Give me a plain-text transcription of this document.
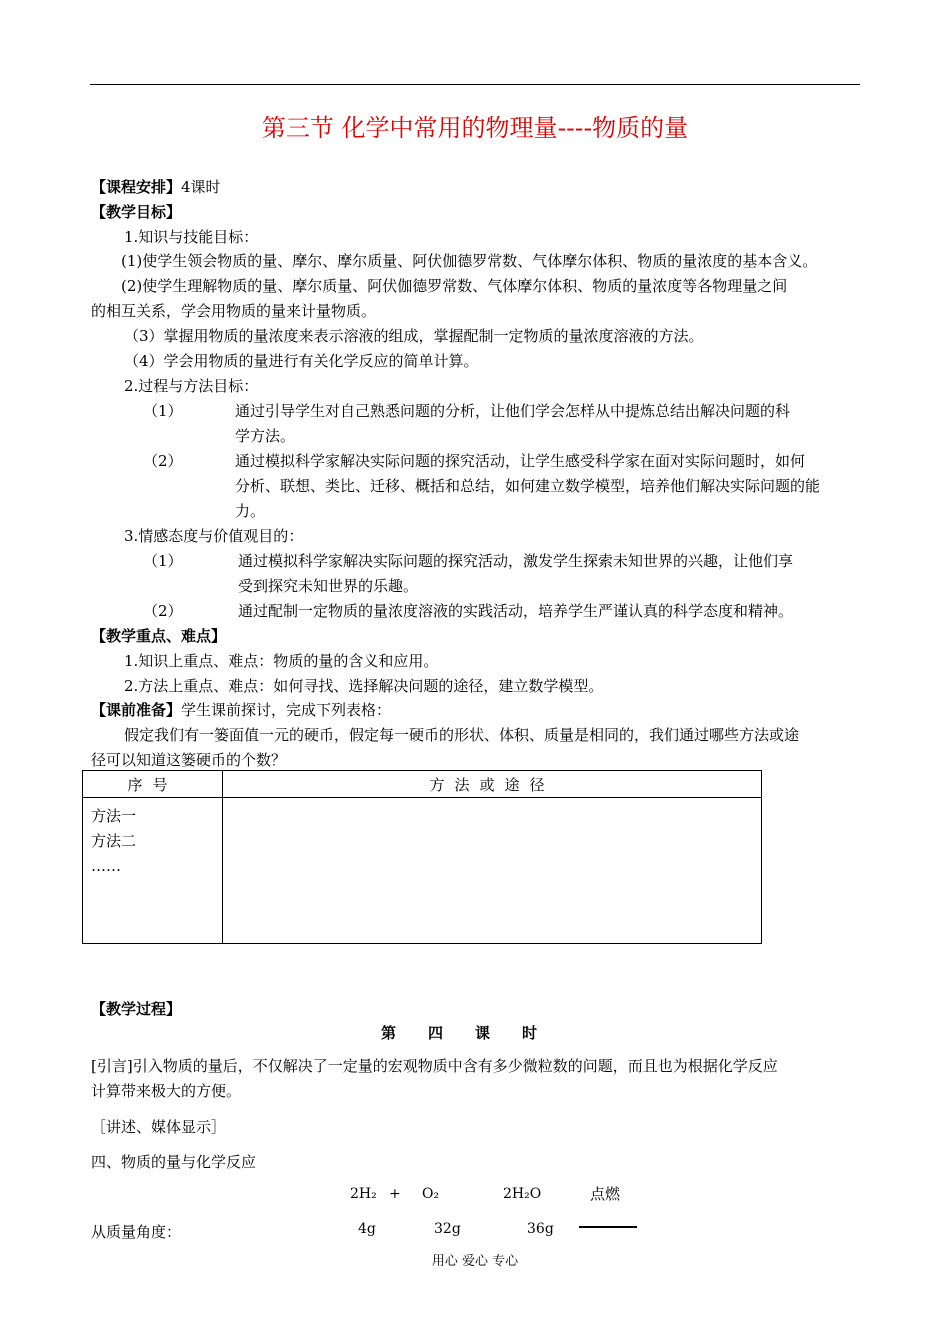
第三节 化学中常用的物理量----物质的量
【课程安排】4课时
【教学目标】
1.知识与技能目标：
(1)使学生领会物质的量、摩尔、摩尔质量、阿伏伽德罗常数、气体摩尔体积、物质的量浓度的基本含义。
(2)使学生理解物质的量、摩尔质量、阿伏伽德罗常数、气体摩尔体积、物质的量浓度等各物理量之间
的相互关系，学会用物质的量来计量物质。
（3）掌握用物质的量浓度来表示溶液的组成，掌握配制一定物质的量浓度溶液的方法。
（4）学会用物质的量进行有关化学反应的简单计算。
2.过程与方法目标：
（1）	通过引导学生对自己熟悉问题的分析，让他们学会怎样从中提炼总结出解决问题的科
学方法。
（2）	通过模拟科学家解决实际问题的探究活动，让学生感受科学家在面对实际问题时，如何
分析、联想、类比、迁移、概括和总结，如何建立数学模型，培养他们解决实际问题的能
力。
3.情感态度与价值观目的：
（1）	通过模拟科学家解决实际问题的探究活动，激发学生探索未知世界的兴趣，让他们享
受到探究未知世界的乐趣。
（2）	通过配制一定物质的量浓度溶液的实践活动，培养学生严谨认真的科学态度和精神。
【教学重点、难点】
1.知识上重点、难点：物质的量的含义和应用。
2.方法上重点、难点：如何寻找、选择解决问题的途径，建立数学模型。
【课前准备】学生课前探讨，完成下列表格：
假定我们有一篓面值一元的硬币，假定每一硬币的形状、体积、质量是相同的，我们通过哪些方法或途
径可以知道这篓硬币的个数？
序号	方法或途径

方法一
方法二
……	

【教学过程】
第四课时
[引言]引入物质的量后，不仅解决了一定量的宏观物质中含有多少微粒数的问题，而且也为根据化学反应
计算带来极大的方便。
［讲述、媒体显示］
四、物质的量与化学反应
2H₂ + O₂	2H₂O	点燃
从质量角度：	4g	32g	36g
用心 爱心 专心
